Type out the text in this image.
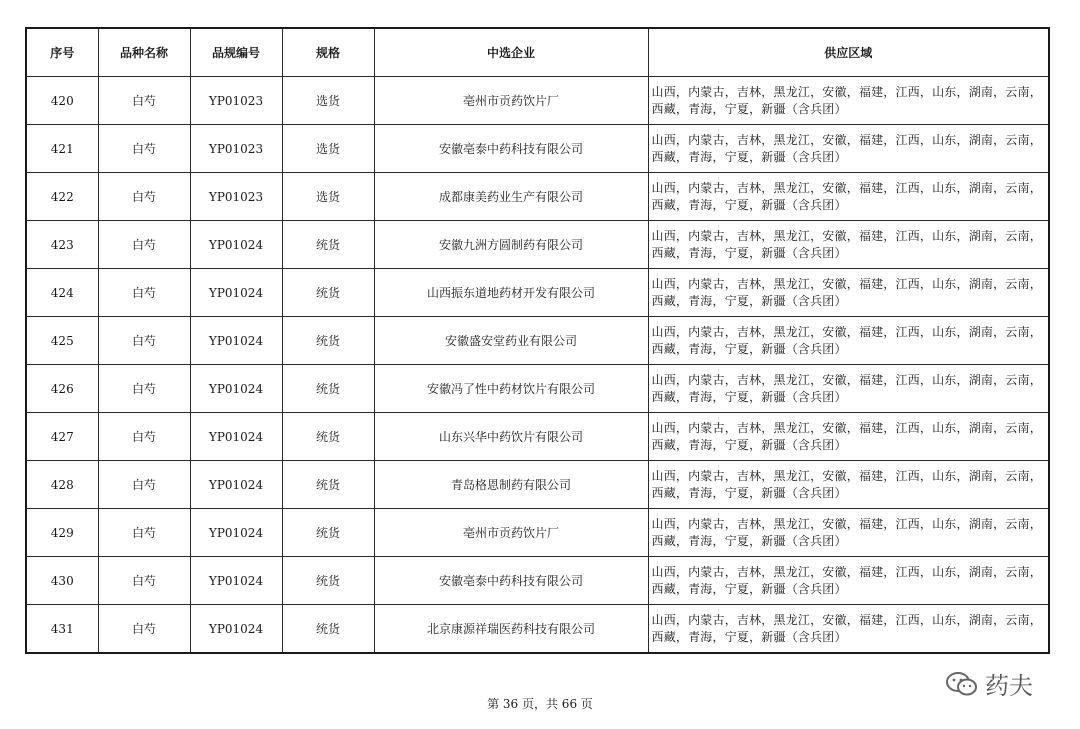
序号	品种名称	品规编号	规格	中选企业	供应区域
420	白芍	YP01023	选货	亳州市贡药饮片厂	山西，内蒙古，吉林，黑龙江，安徽，福建，江西，山东，湖南，云南，西藏，青海，宁夏，新疆（含兵团）
421	白芍	YP01023	选货	安徽亳泰中药科技有限公司	山西，内蒙古，吉林，黑龙江，安徽，福建，江西，山东，湖南，云南，西藏，青海，宁夏，新疆（含兵团）
422	白芍	YP01023	选货	成都康美药业生产有限公司	山西，内蒙古，吉林，黑龙江，安徽，福建，江西，山东，湖南，云南，西藏，青海，宁夏，新疆（含兵团）
423	白芍	YP01024	统货	安徽九洲方圆制药有限公司	山西，内蒙古，吉林，黑龙江，安徽，福建，江西，山东，湖南，云南，西藏，青海，宁夏，新疆（含兵团）
424	白芍	YP01024	统货	山西振东道地药材开发有限公司	山西，内蒙古，吉林，黑龙江，安徽，福建，江西，山东，湖南，云南，西藏，青海，宁夏，新疆（含兵团）
425	白芍	YP01024	统货	安徽盛安堂药业有限公司	山西，内蒙古，吉林，黑龙江，安徽，福建，江西，山东，湖南，云南，西藏，青海，宁夏，新疆（含兵团）
426	白芍	YP01024	统货	安徽冯了性中药材饮片有限公司	山西，内蒙古，吉林，黑龙江，安徽，福建，江西，山东，湖南，云南，西藏，青海，宁夏，新疆（含兵团）
427	白芍	YP01024	统货	山东兴华中药饮片有限公司	山西，内蒙古，吉林，黑龙江，安徽，福建，江西，山东，湖南，云南，西藏，青海，宁夏，新疆（含兵团）
428	白芍	YP01024	统货	青岛格恩制药有限公司	山西，内蒙古，吉林，黑龙江，安徽，福建，江西，山东，湖南，云南，西藏，青海，宁夏，新疆（含兵团）
429	白芍	YP01024	统货	亳州市贡药饮片厂	山西，内蒙古，吉林，黑龙江，安徽，福建，江西，山东，湖南，云南，西藏，青海，宁夏，新疆（含兵团）
430	白芍	YP01024	统货	安徽亳泰中药科技有限公司	山西，内蒙古，吉林，黑龙江，安徽，福建，江西，山东，湖南，云南，西藏，青海，宁夏，新疆（含兵团）
431	白芍	YP01024	统货	北京康源祥瑞医药科技有限公司	山西，内蒙古，吉林，黑龙江，安徽，福建，江西，山东，湖南，云南，西藏，青海，宁夏，新疆（含兵团）
第 36 页，共 66 页
药夫
